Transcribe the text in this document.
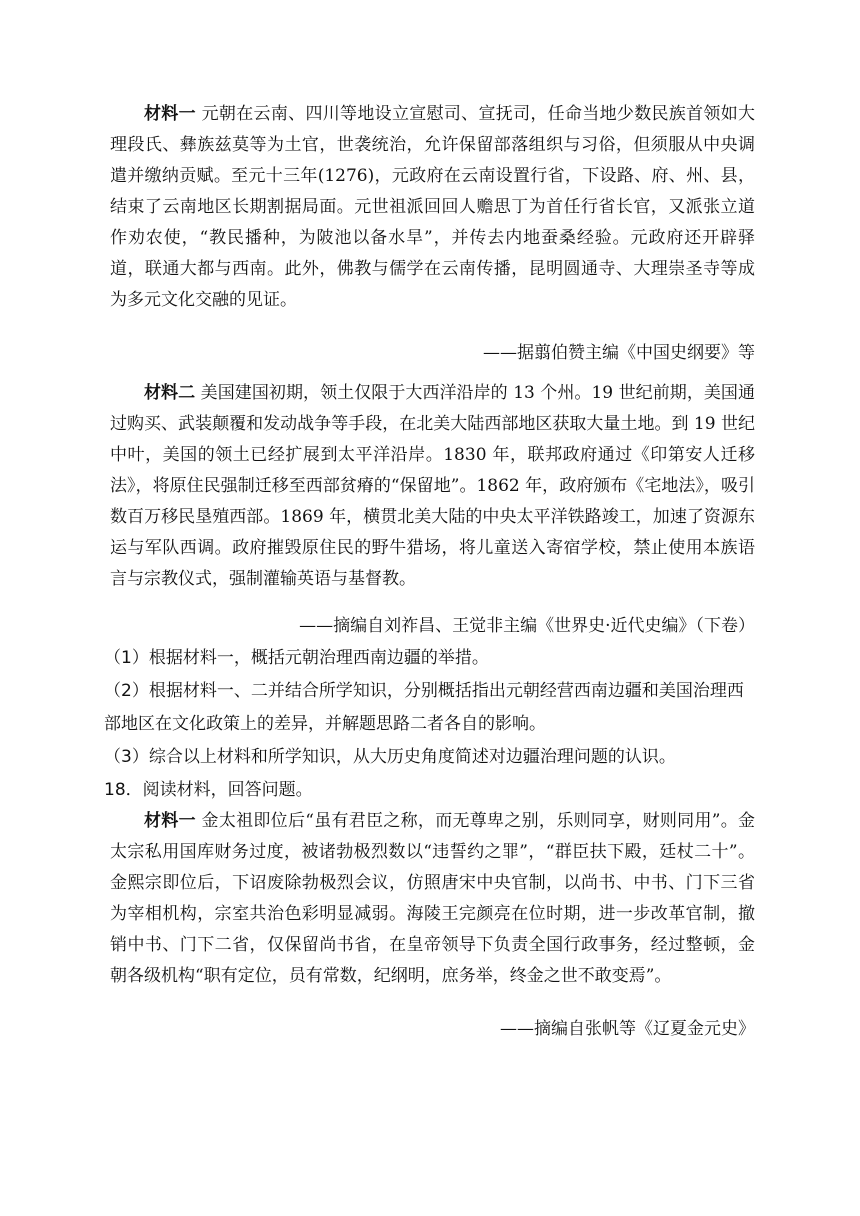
材料一 元朝在云南、四川等地设立宣慰司、宣抚司，任命当地少数民族首领如大理段氏、彝族兹莫等为土官，世袭统治，允许保留部落组织与习俗，但须服从中央调遣并缴纳贡赋。至元十三年(1276)，元政府在云南设置行省，下设路、府、州、县，结束了云南地区长期割据局面。元世祖派回回人赡思丁为首任行省长官，又派张立道作劝农使，“教民播种，为陂池以备水旱”，并传去内地蚕桑经验。元政府还开辟驿道，联通大都与西南。此外，佛教与儒学在云南传播，昆明圆通寺、大理崇圣寺等成为多元文化交融的见证。

——据翦伯赞主编《中国史纲要》等

材料二 美国建国初期，领土仅限于大西洋沿岸的 13 个州。19 世纪前期，美国通过购买、武装颠覆和发动战争等手段，在北美大陆西部地区获取大量土地。到 19 世纪中叶，美国的领土已经扩展到太平洋沿岸。1830 年，联邦政府通过《印第安人迁移法》，将原住民强制迁移至西部贫瘠的“保留地”。1862 年，政府颁布《宅地法》，吸引数百万移民垦殖西部。1869 年，横贯北美大陆的中央太平洋铁路竣工，加速了资源东运与军队西调。政府摧毁原住民的野牛猎场，将儿童送入寄宿学校，禁止使用本族语言与宗教仪式，强制灌输英语与基督教。

——摘编自刘祚昌、王觉非主编《世界史·近代史编》（下卷）

（1）根据材料一，概括元朝治理西南边疆的举措。

（2）根据材料一、二并结合所学知识，分别概括指出元朝经营西南边疆和美国治理西

部地区在文化政策上的差异，并解题思路二者各自的影响。

（3）综合以上材料和所学知识，从大历史角度简述对边疆治理问题的认识。

18．阅读材料，回答问题。

材料一 金太祖即位后“虽有君臣之称，而无尊卑之别，乐则同享，财则同用”。金太宗私用国库财务过度，被诸勃极烈数以“违誓约之罪”，“群臣扶下殿，廷杖二十”。金熙宗即位后，下诏废除勃极烈会议，仿照唐宋中央官制，以尚书、中书、门下三省为宰相机构，宗室共治色彩明显减弱。海陵王完颜亮在位时期，进一步改革官制，撤销中书、门下二省，仅保留尚书省，在皇帝领导下负责全国行政事务，经过整顿，金朝各级机构“职有定位，员有常数，纪纲明，庶务举，终金之世不敢变焉”。

——摘编自张帆等《辽夏金元史》
